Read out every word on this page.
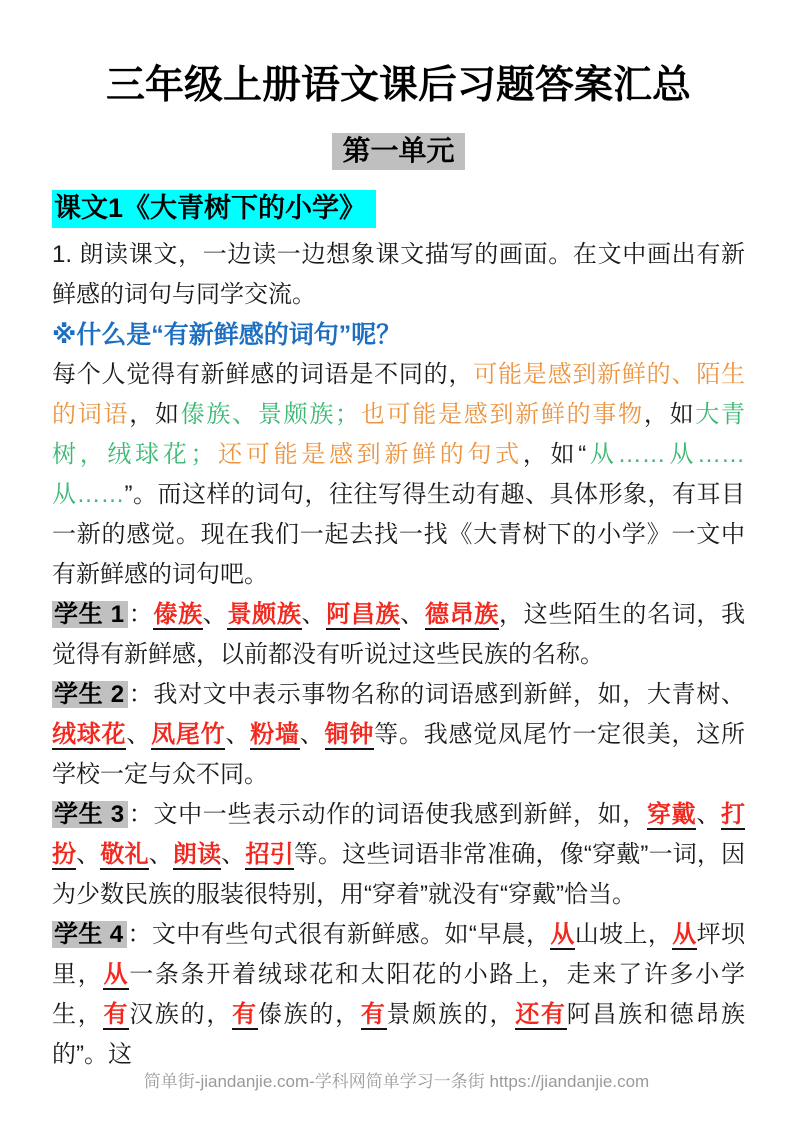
三年级上册语文课后习题答案汇总
第一单元
课文1《大青树下的小学》

1. 朗读课文，一边读一边想象课文描写的画面。在文中画出有新鲜感的词句与同学交流。

※什么是“有新鲜感的词句”呢？

每个人觉得有新鲜感的词语是不同的，可能是感到新鲜的、陌生的词语，如傣族、景颇族；也可能是感到新鲜的事物，如大青树，绒球花；还可能是感到新鲜的句式，如“从……从……从……”。而这样的词句，往往写得生动有趣、具体形象，有耳目一新的感觉。现在我们一起去找一找《大青树下的小学》一文中有新鲜感的词句吧。

学生 1 ：傣族、景颇族、阿昌族、德昂族，这些陌生的名词，我觉得有新鲜感，以前都没有听说过这些民族的名称。

学生 2 ：我对文中表示事物名称的词语感到新鲜，如，大青树、绒球花、凤尾竹、粉墙、铜钟等。我感觉凤尾竹一定很美，这所学校一定与众不同。

学生 3 ：文中一些表示动作的词语使我感到新鲜，如，穿戴、打扮、敬礼、朗读、招引等。这些词语非常准确，像“穿戴”一词，因为少数民族的服装很特别，用“穿着”就没有“穿戴”恰当。

学生 4 ：文中有些句式很有新鲜感。如“早晨，从山坡上，从坪坝里，从一条条开着绒球花和太阳花的小路上，走来了许多小学生，有汉族的，有傣族的，有景颇族的，还有阿昌族和德昂族的”。这

简单街-jiandanjie.com-学科网简单学习一条街 https://jiandanjie.com
